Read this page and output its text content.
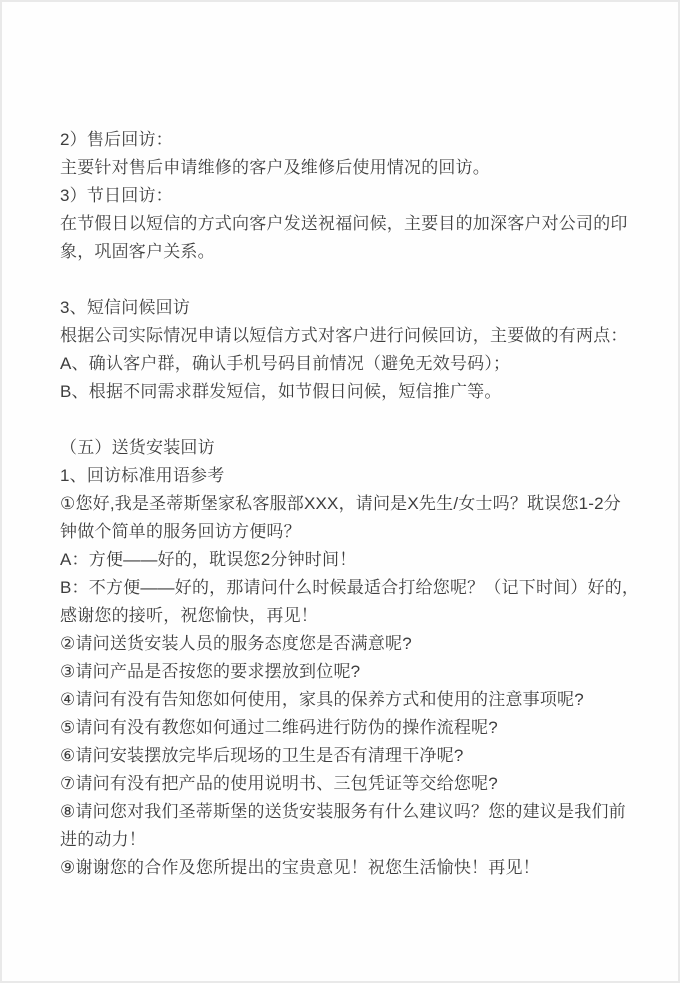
2）售后回访：
主要针对售后申请维修的客户及维修后使用情况的回访。
3）节日回访：
在节假日以短信的方式向客户发送祝福问候，主要目的加深客户对公司的印
象，巩固客户关系。
3、短信问候回访
根据公司实际情况申请以短信方式对客户进行问候回访，主要做的有两点：
A、确认客户群，确认手机号码目前情况（避免无效号码）；
B、根据不同需求群发短信，如节假日问候，短信推广等。
（五）送货安装回访
1、回访标准用语参考
①您好,我是圣蒂斯堡家私客服部XXX，请问是X先生/女士吗？耽误您1-2分
钟做个简单的服务回访方便吗？
A：方便——好的，耽误您2分钟时间！
B：不方便——好的，那请问什么时候最适合打给您呢？（记下时间）好的，
感谢您的接听，祝您愉快，再见！
②请问送货安装人员的服务态度您是否满意呢?
③请问产品是否按您的要求摆放到位呢?
④请问有没有告知您如何使用，家具的保养方式和使用的注意事项呢?
⑤请问有没有教您如何通过二维码进行防伪的操作流程呢?
⑥请问安装摆放完毕后现场的卫生是否有清理干净呢?
⑦请问有没有把产品的使用说明书、三包凭证等交给您呢?
⑧请问您对我们圣蒂斯堡的送货安装服务有什么建议吗？您的建议是我们前
进的动力！
⑨谢谢您的合作及您所提出的宝贵意见！祝您生活愉快！再见！
